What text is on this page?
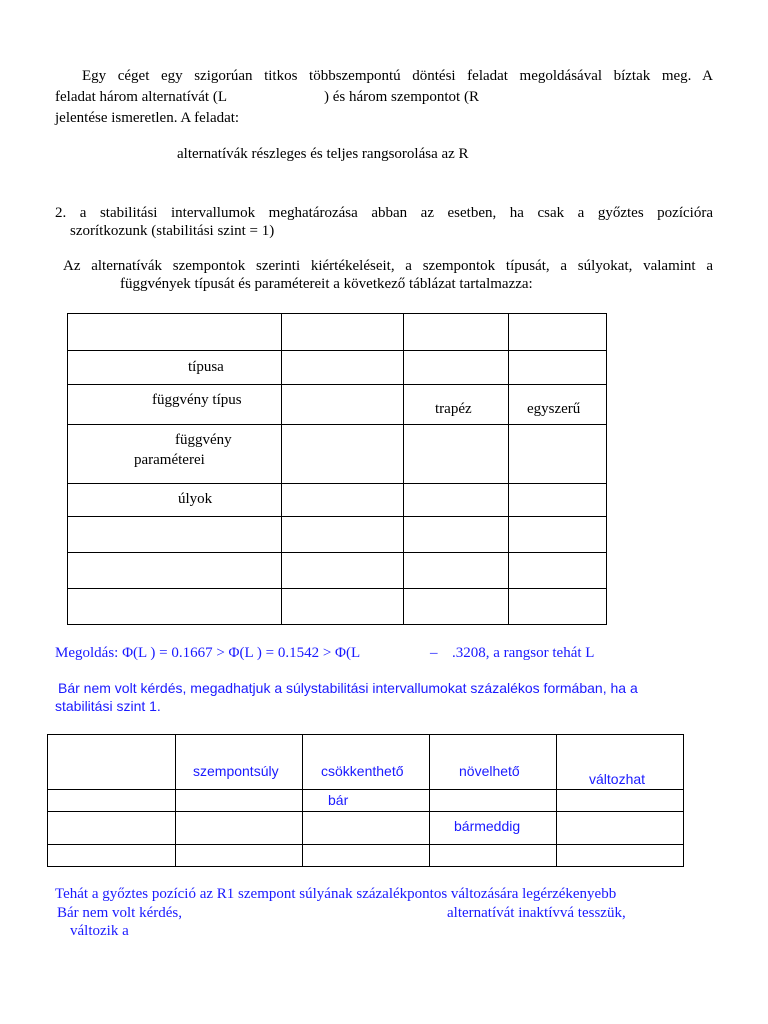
Egy céget egy szigorúan titkos többszempontú döntési feladat megoldásával bíztak meg. A
feladat három alternatívát (L	) és három szempontot (R
jelentése ismeretlen. A feladat:
alternatívák részleges és teljes rangsorolása az R
2. a stabilitási intervallumok meghatározása abban az esetben, ha csak a győztes pozícióra
szorítkozunk (stabilitási szint = 1)
Az alternatívák szempontok szerinti kiértékeléseit, a szempontok típusát, a súlyokat, valamint a
függvények típusát és paramétereit a következő táblázat tartalmazza:

típusa			

függvény típus		trapéz	egyszerű

függvény
paraméterei			

úlyok			

Megoldás: Φ(L ) = 0.1667 > Φ(L ) = 0.1542 > Φ(L	– .3208, a rangsor tehát L
Bár nem volt kérdés, megadhatjuk a súlystabilitási intervallumokat százalékos formában, ha a
stabilitási szint 1.

	szempontsúly	csökkenthető	növelhető	változhat

		bár		

			bármeddig	

Tehát a győztes pozíció az R1 szempont súlyának százalékpontos változására legérzékenyebb
Bár nem volt kérdés,	alternatívát inaktívvá tesszük,
változik a
